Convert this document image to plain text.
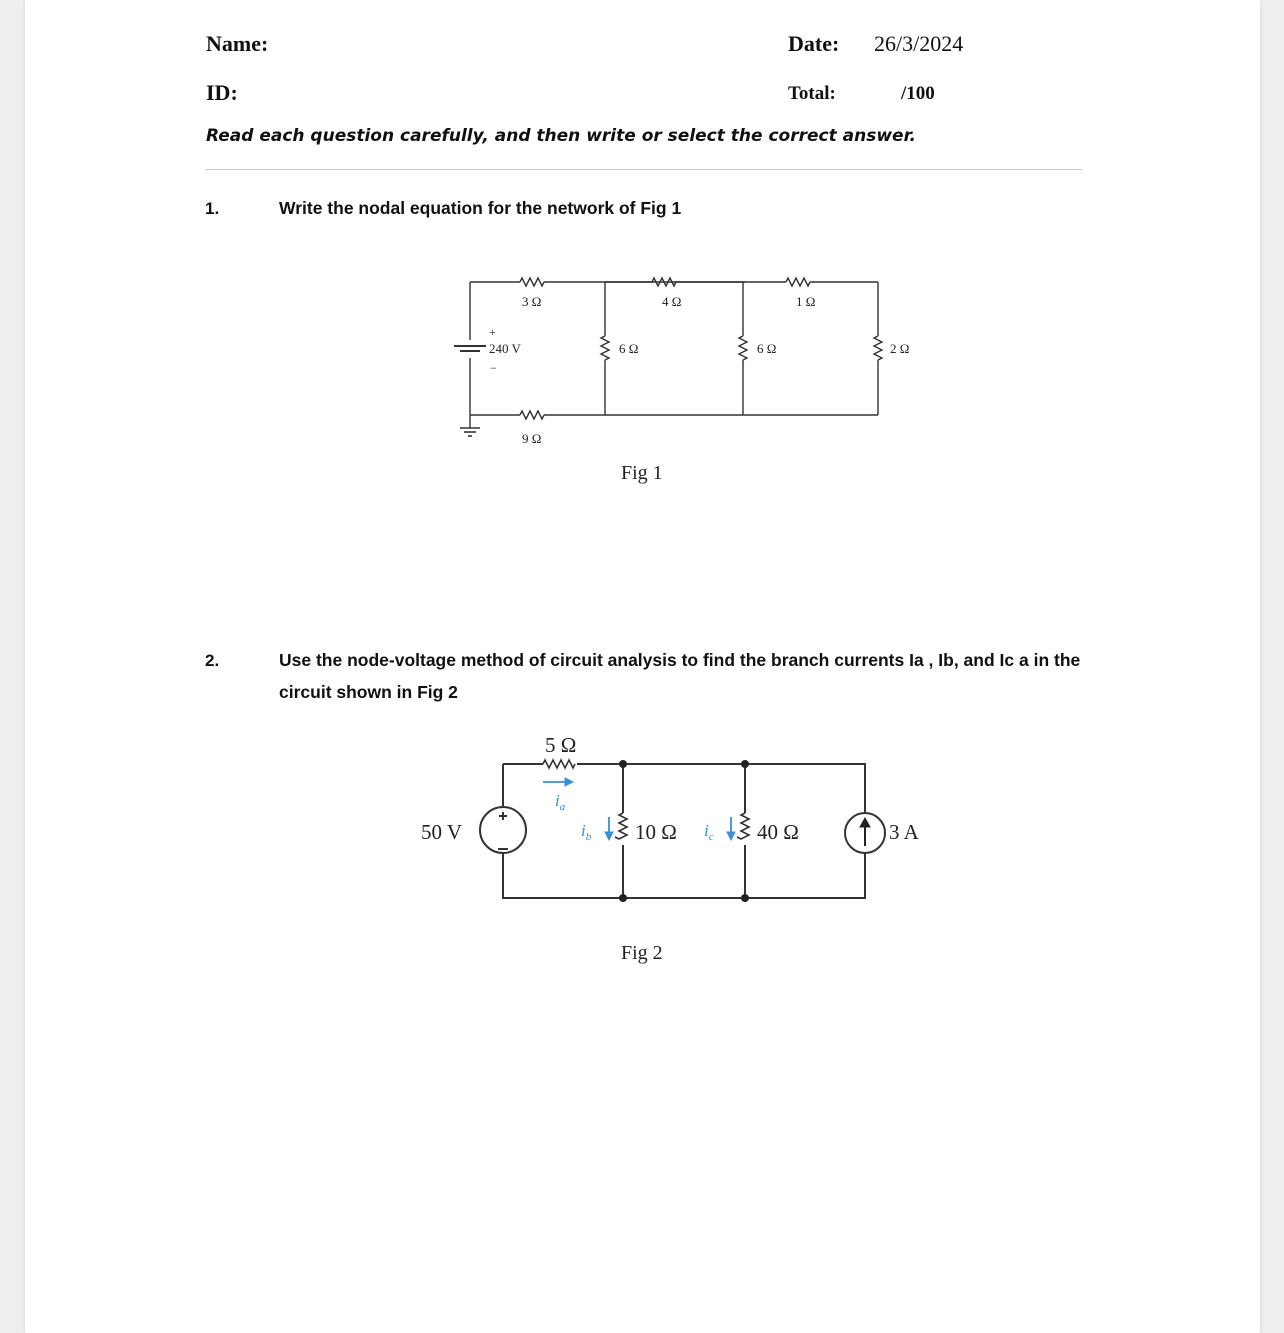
Name:	Date: 26/3/2024
ID:	Total:	/100
Read each question carefully, and then write or select the correct answer.
1.	Write the nodal equation for the network of Fig 1
3 Ω	4 Ω	1 Ω
+
240 V
−
6 Ω	6 Ω	2 Ω
9 Ω
Fig 1
2.	Use the node-voltage method of circuit analysis to find the branch currents Ia , Ib, and Ic a in the
circuit shown in Fig 2
5 Ω
$i_a$
$i_b$	$i_c$
50 V	10 Ω	40 Ω	3 A
Fig 2
